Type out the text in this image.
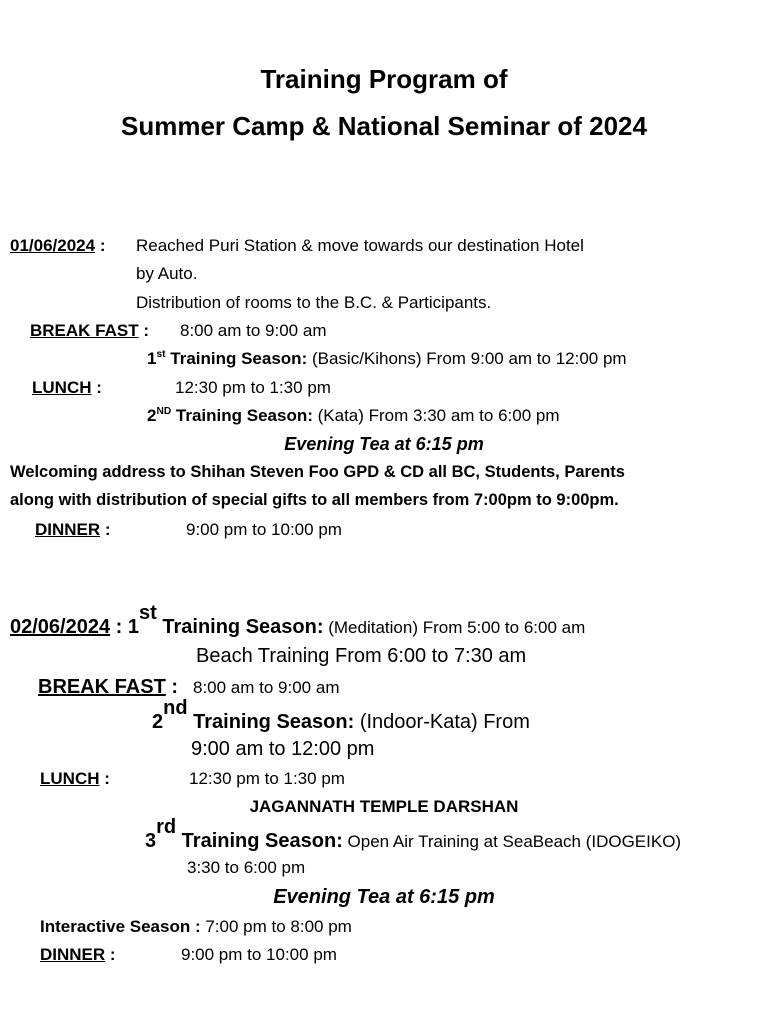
Training Program of
Summer Camp & National Seminar of 2024
01/06/2024 : Reached Puri Station & move towards our destination Hotel
by Auto.
Distribution of rooms to the B.C. & Participants.
BREAK FAST : 8:00 am to 9:00 am
1st Training Season: (Basic/Kihons) From 9:00 am to 12:00 pm
LUNCH :	12:30 pm to 1:30 pm
2ND Training Season: (Kata) From 3:30 am to 6:00 pm
Evening Tea at 6:15 pm
Welcoming address to Shihan Steven Foo GPD & CD all BC, Students, Parents
along with distribution of special gifts to all members from 7:00pm to 9:00pm.
DINNER :	9:00 pm to 10:00 pm
02/06/2024 : 1st Training Season: (Meditation) From 5:00 to 6:00 am
Beach Training From 6:00 to 7:30 am
BREAK FAST : 8:00 am to 9:00 am
2nd Training Season: (Indoor-Kata) From
9:00 am to 12:00 pm
LUNCH :	12:30 pm to 1:30 pm
JAGANNATH TEMPLE DARSHAN
3rd Training Season: Open Air Training at SeaBeach (IDOGEIKO)
3:30 to 6:00 pm
Evening Tea at 6:15 pm
Interactive Season : 7:00 pm to 8:00 pm
DINNER :	9:00 pm to 10:00 pm
